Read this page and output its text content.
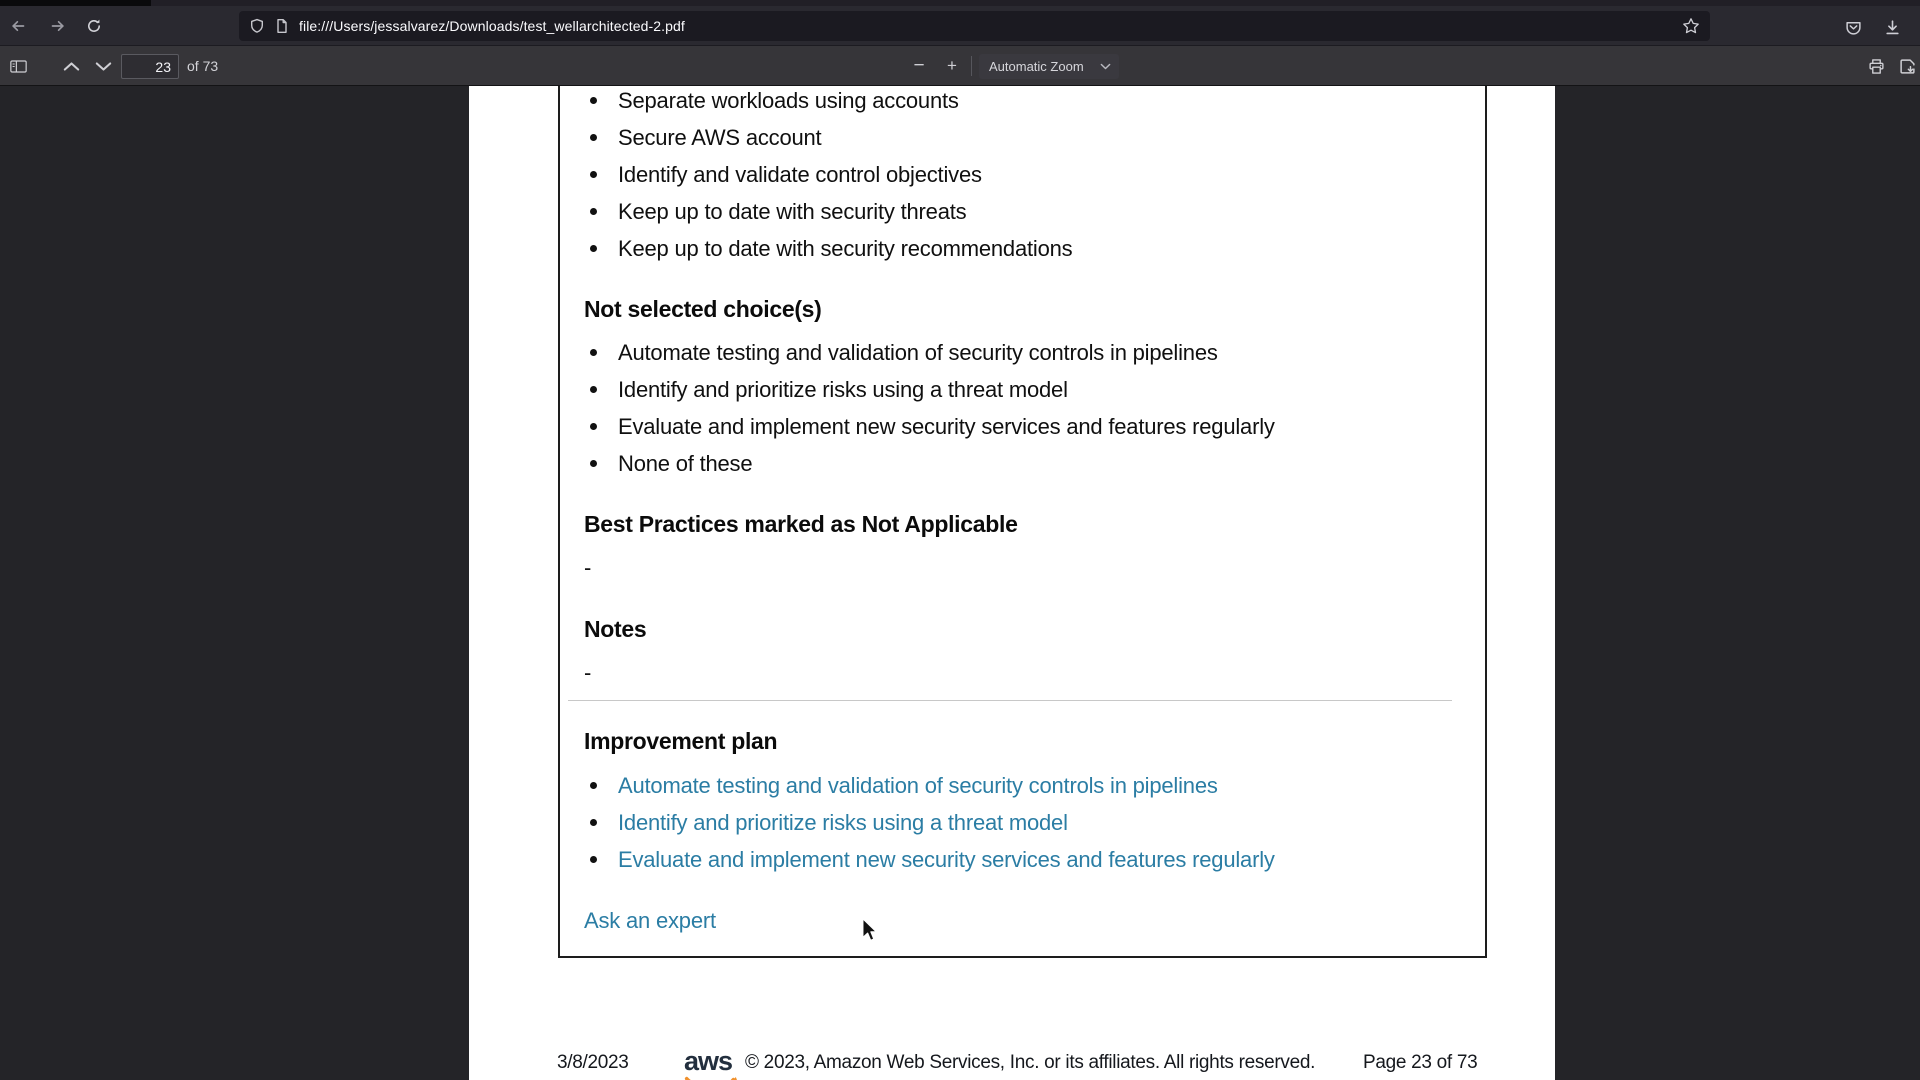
file:///Users/jessalvarez/Downloads/test_wellarchitected-2.pdf
23
of 73	− + Automatic Zoom
Separate workloads using accounts
Secure AWS account
Identify and validate control objectives
Keep up to date with security threats
Keep up to date with security recommendations
Not selected choice(s)
Automate testing and validation of security controls in pipelines
Identify and prioritize risks using a threat model
Evaluate and implement new security services and features regularly
None of these
Best Practices marked as Not Applicable
-
Notes
-
Improvement plan
Automate testing and validation of security controls in pipelines
Identify and prioritize risks using a threat model
Evaluate and implement new security services and features regularly
Ask an expert
3/8/2023 aws © 2023, Amazon Web Services, Inc. or its affiliates. All rights reserved.	Page 23 of 73
